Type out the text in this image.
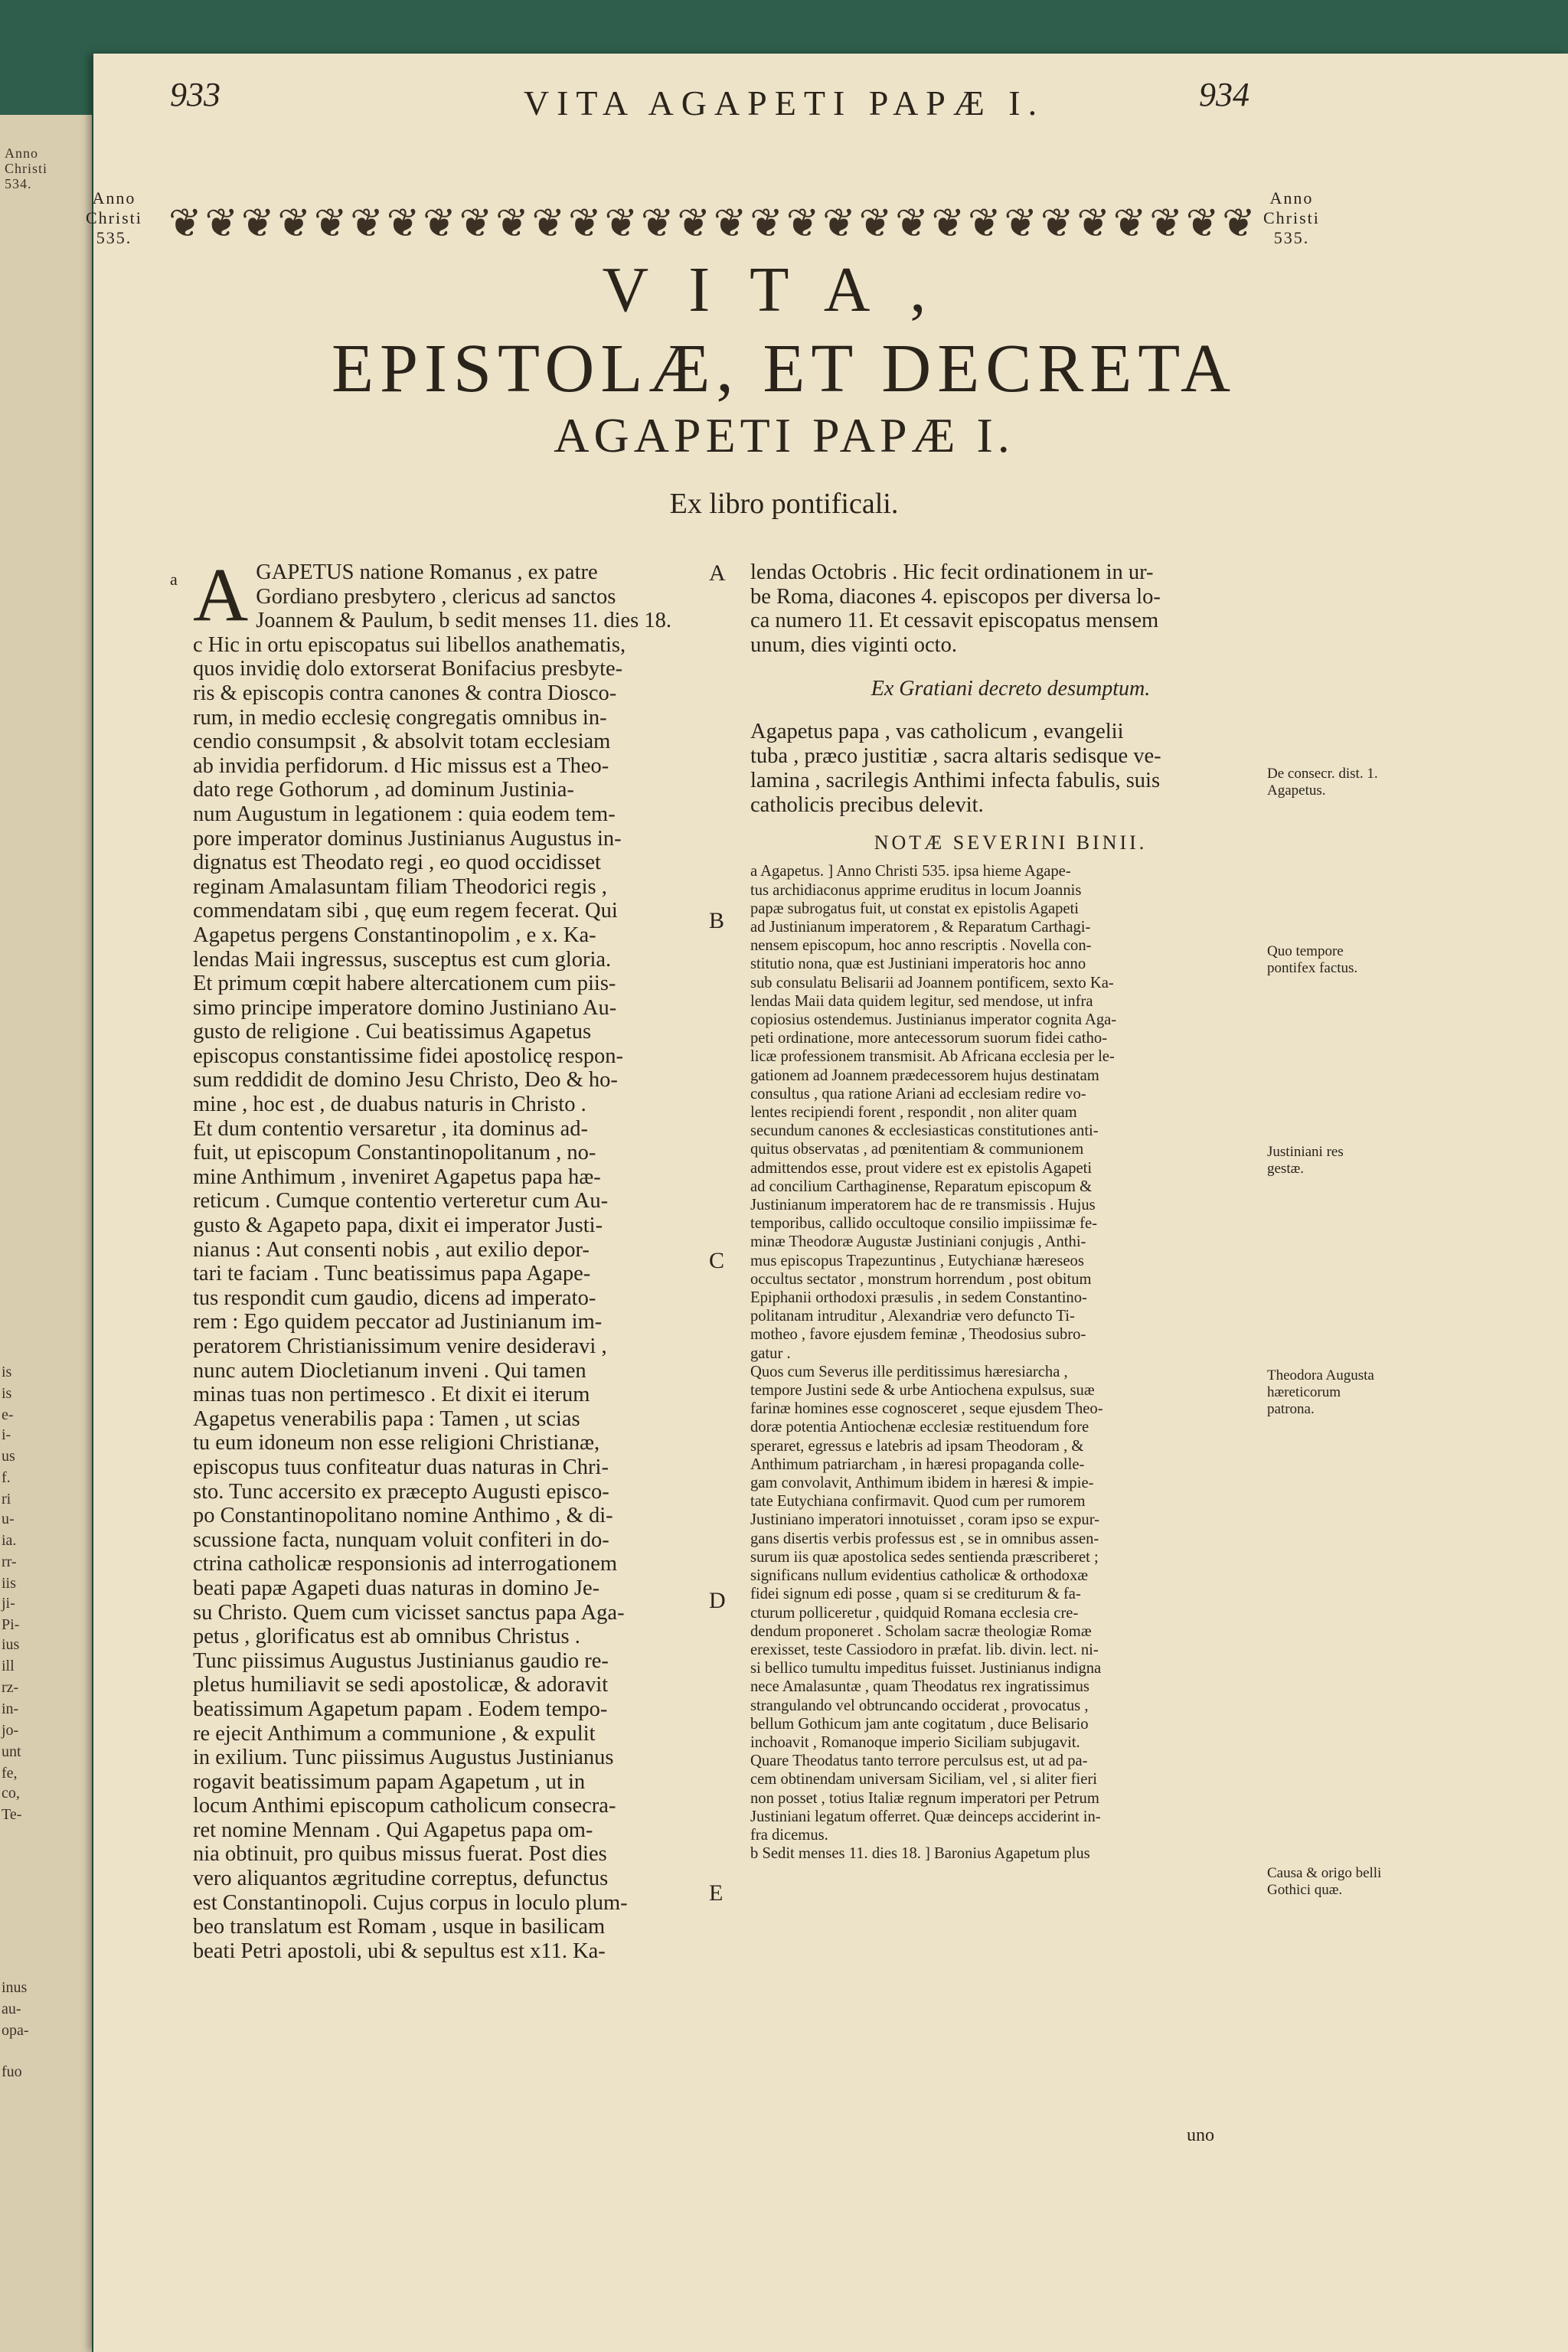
Anno
Christi
534.
is
is
e-
i-
us
f.
ri
u-
ia.
rr-
iis
ji-
Pi-
ius
ill
rz-
in-
jo-
unt
fe,
co,
Te-
inus
au-
opa-
fuo
933	934
VITA AGAPETI PAPÆ I.
Anno
Christi
535.
Anno
Christi
535.
❦ ❦ ❦ ❦ ❦ ❦ ❦ ❦ ❦ ❦ ❦ ❦ ❦ ❦ ❦ ❦ ❦ ❦ ❦ ❦ ❦ ❦ ❦ ❦ ❦ ❦ ❦ ❦ ❦ ❦
VITA,
EPISTOLÆ, ET DECRETA
AGAPETI PAPÆ I.
Ex libro pontificali.
a A GAPETUS natione Romanus , ex patre
Gordiano presbytero , clericus ad sanctos
Joannem & Paulum, b sedit menses 11. dies 18.
c Hic in ortu episcopatus sui libellos anathematis,
quos invidię dolo extorserat Bonifacius presbyte-
ris & episcopis contra canones & contra Diosco-
rum, in medio ecclesię congregatis omnibus in-
cendio consumpsit , & absolvit totam ecclesiam
ab invidia perfidorum. d Hic missus est a Theo-
dato rege Gothorum , ad dominum Justinia-
num Augustum in legationem : quia eodem tem-
pore imperator dominus Justinianus Augustus in-
dignatus est Theodato regi , eo quod occidisset
reginam Amalasuntam filiam Theodorici regis ,
commendatam sibi , quę eum regem fecerat. Qui
Agapetus pergens Constantinopolim , e x. Ka-
lendas Maii ingressus, susceptus est cum gloria.
Et primum cœpit habere altercationem cum piis-
simo principe imperatore domino Justiniano Au-
gusto de religione . Cui beatissimus Agapetus
episcopus constantissime fidei apostolicę respon-
sum reddidit de domino Jesu Christo, Deo & ho-
mine , hoc est , de duabus naturis in Christo .
Et dum contentio versaretur , ita dominus ad-
fuit, ut episcopum Constantinopolitanum , no-
mine Anthimum , inveniret Agapetus papa hæ-
reticum . Cumque contentio verteretur cum Au-
gusto & Agapeto papa, dixit ei imperator Justi-
nianus : Aut consenti nobis , aut exilio depor-
tari te faciam . Tunc beatissimus papa Agape-
tus respondit cum gaudio, dicens ad imperato-
rem : Ego quidem peccator ad Justinianum im-
peratorem Christianissimum venire desideravi ,
nunc autem Diocletianum inveni . Qui tamen
minas tuas non pertimesco . Et dixit ei iterum
Agapetus venerabilis papa : Tamen , ut scias
tu eum idoneum non esse religioni Christianæ,
episcopus tuus confiteatur duas naturas in Chri-
sto. Tunc accersito ex præcepto Augusti episco-
po Constantinopolitano nomine Anthimo , & di-
scussione facta, nunquam voluit confiteri in do-
ctrina catholicæ responsionis ad interrogationem
beati papæ Agapeti duas naturas in domino Je-
su Christo. Quem cum vicisset sanctus papa Aga-
petus , glorificatus est ab omnibus Christus .
Tunc piissimus Augustus Justinianus gaudio re-
pletus humiliavit se sedi apostolicæ, & adoravit
beatissimum Agapetum papam . Eodem tempo-
re ejecit Anthimum a communione , & expulit
in exilium. Tunc piissimus Augustus Justinianus
rogavit beatissimum papam Agapetum , ut in
locum Anthimi episcopum catholicum consecra-
ret nomine Mennam . Qui Agapetus papa om-
nia obtinuit, pro quibus missus fuerat. Post dies
vero aliquantos ægritudine correptus, defunctus
est Constantinopoli. Cujus corpus in loculo plum-
beo translatum est Romam , usque in basilicam
beati Petri apostoli, ubi & sepultus est x11. Ka-
A
B
C
D
E
lendas Octobris . Hic fecit ordinationem in ur-
be Roma, diacones 4. episcopos per diversa lo-
ca numero 11. Et cessavit episcopatus mensem
unum, dies viginti octo.
Ex Gratiani decreto desumptum.
Agapetus papa , vas catholicum , evangelii
tuba , præco justitiæ , sacra altaris sedisque ve-
lamina , sacrilegis Anthimi infecta fabulis, suis
catholicis precibus delevit.
NOTÆ SEVERINI BINII.
a Agapetus. ] Anno Christi 535. ipsa hieme Agape-
tus archidiaconus apprime eruditus in locum Joannis
papæ subrogatus fuit, ut constat ex epistolis Agapeti
ad Justinianum imperatorem , & Reparatum Carthagi-
nensem episcopum, hoc anno rescriptis . Novella con-
stitutio nona, quæ est Justiniani imperatoris hoc anno
sub consulatu Belisarii ad Joannem pontificem, sexto Ka-
lendas Maii data quidem legitur, sed mendose, ut infra
copiosius ostendemus. Justinianus imperator cognita Aga-
peti ordinatione, more antecessorum suorum fidei catho-
licæ professionem transmisit. Ab Africana ecclesia per le-
gationem ad Joannem prædecessorem hujus destinatam
consultus , qua ratione Ariani ad ecclesiam redire vo-
lentes recipiendi forent , respondit , non aliter quam
secundum canones & ecclesiasticas constitutiones anti-
quitus observatas , ad pœnitentiam & communionem
admittendos esse, prout videre est ex epistolis Agapeti
ad concilium Carthaginense, Reparatum episcopum &
Justinianum imperatorem hac de re transmissis . Hujus
temporibus, callido occultoque consilio impiissimæ fe-
minæ Theodoræ Augustæ Justiniani conjugis , Anthi-
mus episcopus Trapezuntinus , Eutychianæ hæreseos
occultus sectator , monstrum horrendum , post obitum
Epiphanii orthodoxi præsulis , in sedem Constantino-
politanam intruditur , Alexandriæ vero defuncto Ti-
motheo , favore ejusdem feminæ , Theodosius subro-
gatur .
Quos cum Severus ille perditissimus hæresiarcha ,
tempore Justini sede & urbe Antiochena expulsus, suæ
farinæ homines esse cognosceret , seque ejusdem Theo-
doræ potentia Antiochenæ ecclesiæ restituendum fore
speraret, egressus e latebris ad ipsam Theodoram , &
Anthimum patriarcham , in hæresi propaganda colle-
gam convolavit, Anthimum ibidem in hæresi & impie-
tate Eutychiana confirmavit. Quod cum per rumorem
Justiniano imperatori innotuisset , coram ipso se expur-
gans disertis verbis professus est , se in omnibus assen-
surum iis quæ apostolica sedes sentienda præscriberet ;
significans nullum evidentius catholicæ & orthodoxæ
fidei signum edi posse , quam si se crediturum & fa-
cturum polliceretur , quidquid Romana ecclesia cre-
dendum proponeret . Scholam sacræ theologiæ Romæ
erexisset, teste Cassiodoro in præfat. lib. divin. lect. ni-
si bellico tumultu impeditus fuisset. Justinianus indigna
nece Amalasuntæ , quam Theodatus rex ingratissimus
strangulando vel obtruncando occiderat , provocatus ,
bellum Gothicum jam ante cogitatum , duce Belisario
inchoavit , Romanoque imperio Siciliam subjugavit.
Quare Theodatus tanto terrore perculsus est, ut ad pa-
cem obtinendam universam Siciliam, vel , si aliter fieri
non posset , totius Italiæ regnum imperatori per Petrum
Justiniani legatum offerret. Quæ deinceps acciderint in-
fra dicemus.
b Sedit menses 11. dies 18. ] Baronius Agapetum plus
De consecr. dist. 1. Agapetus.
Quo tempore pontifex factus.
Justiniani res gestæ.
Theodora Augusta hæreticorum patrona.
Causa & origo belli Gothici quæ.
uno
